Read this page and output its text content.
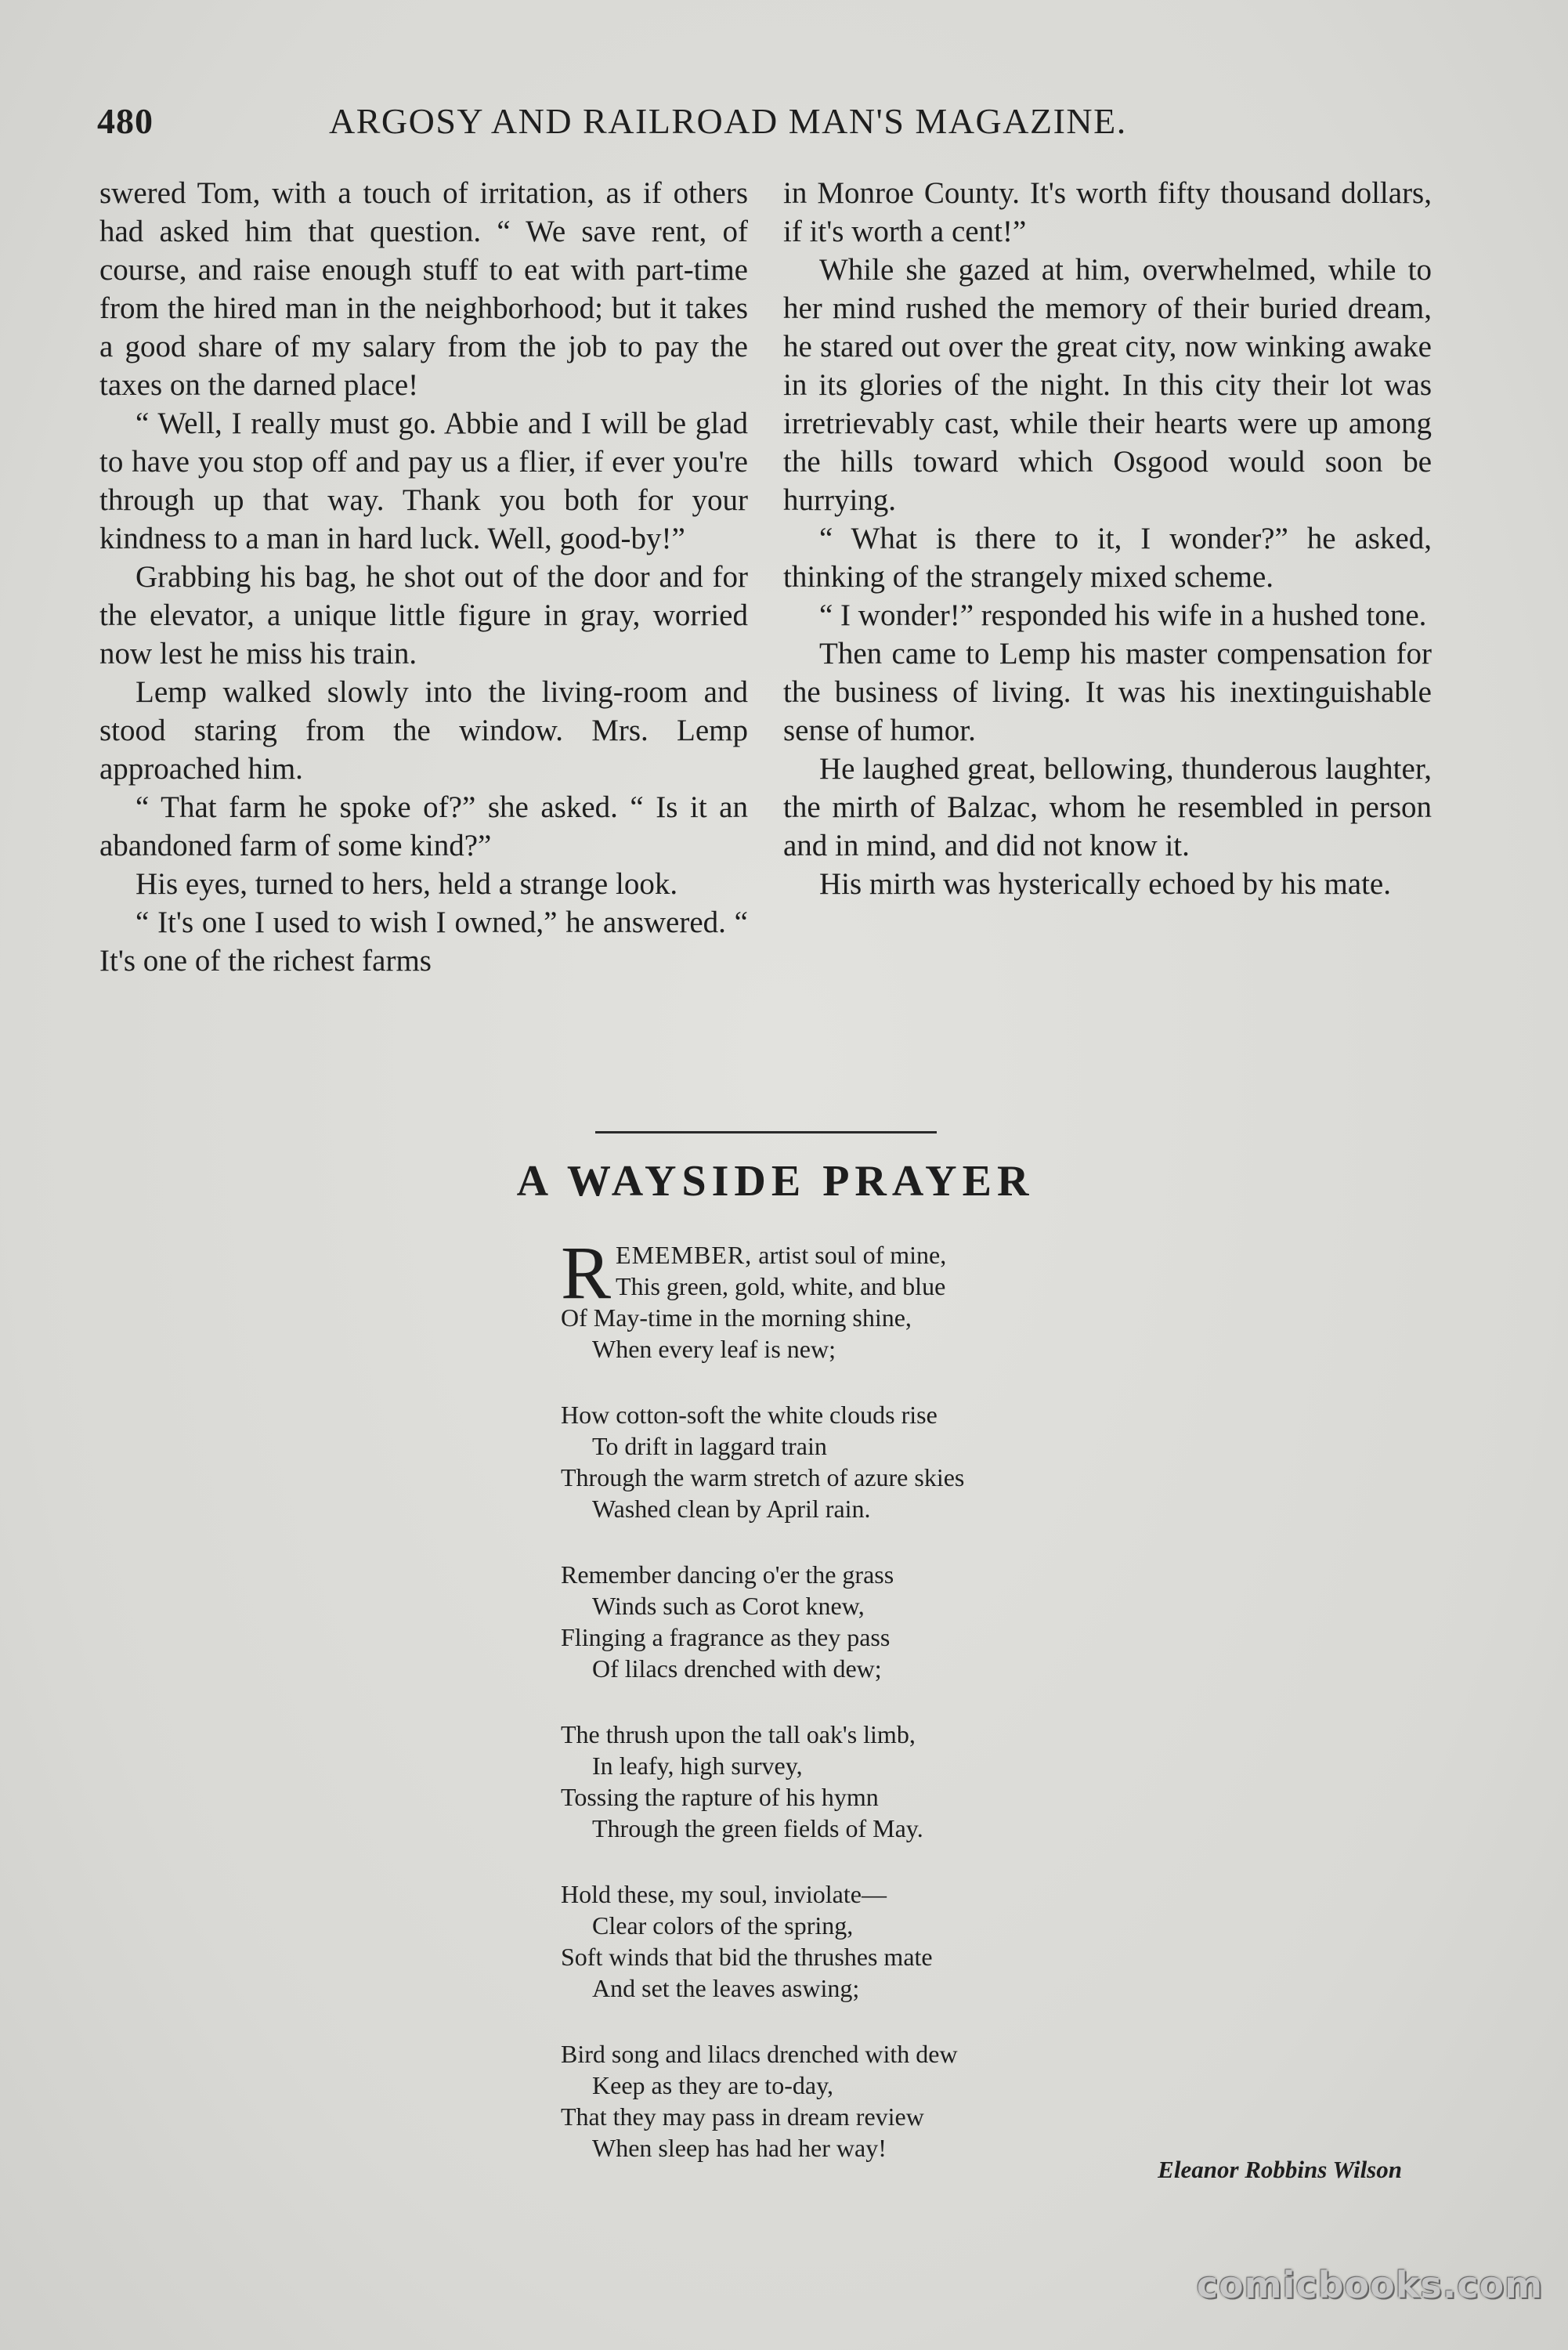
480	ARGOSY AND RAILROAD MAN'S MAGAZINE.

swered Tom, with a touch of irritation, as if others had asked him that question. “ We save rent, of course, and raise enough stuff to eat with part-time from the hired man in the neighborhood; but it takes a good share of my salary from the job to pay the taxes on the darned place!

“ Well, I really must go. Abbie and I will be glad to have you stop off and pay us a flier, if ever you're through up that way. Thank you both for your kindness to a man in hard luck. Well, good-by!”

Grabbing his bag, he shot out of the door and for the elevator, a unique little figure in gray, worried now lest he miss his train.

Lemp walked slowly into the living-room and stood staring from the window. Mrs. Lemp approached him.

“ That farm he spoke of?” she asked. “ Is it an abandoned farm of some kind?”

His eyes, turned to hers, held a strange look.

“ It's one I used to wish I owned,” he answered. “ It's one of the richest farms

in Monroe County. It's worth fifty thousand dollars, if it's worth a cent!”

While she gazed at him, overwhelmed, while to her mind rushed the memory of their buried dream, he stared out over the great city, now winking awake in its glories of the night. In this city their lot was irretrievably cast, while their hearts were up among the hills toward which Osgood would soon be hurrying.

“ What is there to it, I wonder?” he asked, thinking of the strangely mixed scheme.

“ I wonder!” responded his wife in a hushed tone.

Then came to Lemp his master compensation for the business of living. It was his inextinguishable sense of humor.

He laughed great, bellowing, thunderous laughter, the mirth of Balzac, whom he resembled in person and in mind, and did not know it.

His mirth was hysterically echoed by his mate.

A WAYSIDE PRAYER
R EMEMBER, artist soul of mine,
This green, gold, white, and blue
Of May-time in the morning shine,
When every leaf is new;
How cotton-soft the white clouds rise
To drift in laggard train
Through the warm stretch of azure skies
Washed clean by April rain.
Remember dancing o'er the grass
Winds such as Corot knew,
Flinging a fragrance as they pass
Of lilacs drenched with dew;
The thrush upon the tall oak's limb,
In leafy, high survey,
Tossing the rapture of his hymn
Through the green fields of May.
Hold these, my soul, inviolate—
Clear colors of the spring,
Soft winds that bid the thrushes mate
And set the leaves aswing;
Bird song and lilacs drenched with dew
Keep as they are to-day,
That they may pass in dream review
When sleep has had her way!
Eleanor Robbins Wilson
comicbooks.com
